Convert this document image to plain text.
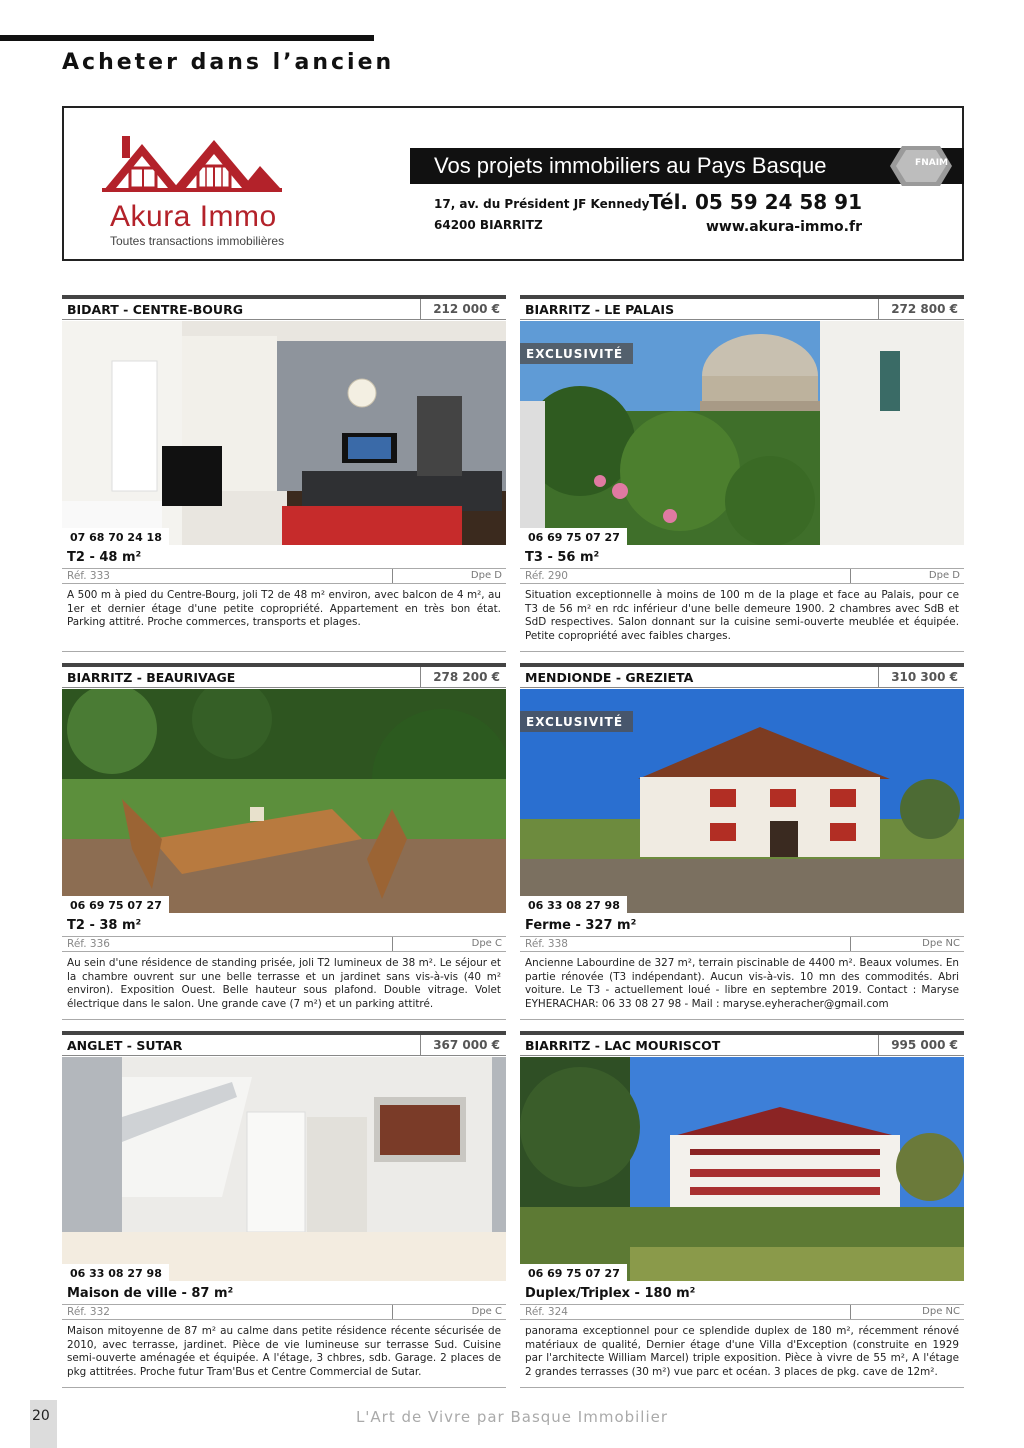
Acheter dans l’ancien
Akura Immo
Toutes transactions immobilières
Vos projets immobiliers au Pays Basque	FNAIM
17, av. du Président JF Kennedy
64200 BIARRITZ
Tél. 05 59 24 58 91
www.akura-immo.fr
BIDART - CENTRE-BOURG	212 000 €
07 68 70 24 18
T2 - 48 m²
Réf. 333	Dpe D

A 500 m à pied du Centre-Bourg, joli T2 de 48 m² environ, avec balcon de 4 m², au 1er et dernier étage d'une petite copropriété. Appartement en très bon état. Parking attitré. Proche commerces, transports et plages.

BIARRITZ - LE PALAIS	272 800 €
EXCLUSIVITÉ
06 69 75 07 27
T3 - 56 m²
Réf. 290	Dpe D

Situation exceptionnelle à moins de 100 m de la plage et face au Palais, pour ce T3 de 56 m² en rdc inférieur d'une belle demeure 1900. 2 chambres avec SdB et SdD respectives. Salon donnant sur la cuisine semi-ouverte meublée et équipée. Petite copropriété avec faibles charges.

BIARRITZ - BEAURIVAGE	278 200 €
06 69 75 07 27
T2 - 38 m²
Réf. 336	Dpe C

Au sein d'une résidence de standing prisée, joli T2 lumineux de 38 m². Le séjour et la chambre ouvrent sur une belle terrasse et un jardinet sans vis-à-vis (40 m² environ). Exposition Ouest. Belle hauteur sous plafond. Double vitrage. Volet électrique dans le salon. Une grande cave (7 m²) et un parking attitré.

MENDIONDE - GREZIETA	310 300 €
EXCLUSIVITÉ
06 33 08 27 98
Ferme - 327 m²
Réf. 338	Dpe NC

Ancienne Labourdine de 327 m², terrain piscinable de 4400 m². Beaux volumes. En partie rénovée (T3 indépendant). Aucun vis-à-vis. 10 mn des commodités. Abri voiture. Le T3 - actuellement loué - libre en septembre 2019. Contact : Maryse EYHERACHAR: 06 33 08 27 98 - Mail : maryse.eyheracher@gmail.com

ANGLET - SUTAR	367 000 €
06 33 08 27 98
Maison de ville - 87 m²
Réf. 332	Dpe C

Maison mitoyenne de 87 m² au calme dans petite résidence récente sécurisée de 2010, avec terrasse, jardinet. Pièce de vie lumineuse sur terrasse Sud. Cuisine semi-ouverte aménagée et équipée. A l'étage, 3 chbres, sdb. Garage. 2 places de pkg attitrées. Proche futur Tram'Bus et Centre Commercial de Sutar.

BIARRITZ - LAC MOURISCOT	995 000 €
06 69 75 07 27
Duplex/Triplex - 180 m²
Réf. 324	Dpe NC

panorama exceptionnel pour ce splendide duplex de 180 m², récemment rénové matériaux de qualité, Dernier étage d'une Villa d'Exception (construite en 1929 par l'architecte William Marcel) triple exposition. Pièce à vivre de 55 m², A l'étage 2 grandes terrasses (30 m²) vue parc et océan. 3 places de pkg. cave de 12m².

20	L'Art de Vivre par Basque Immobilier
